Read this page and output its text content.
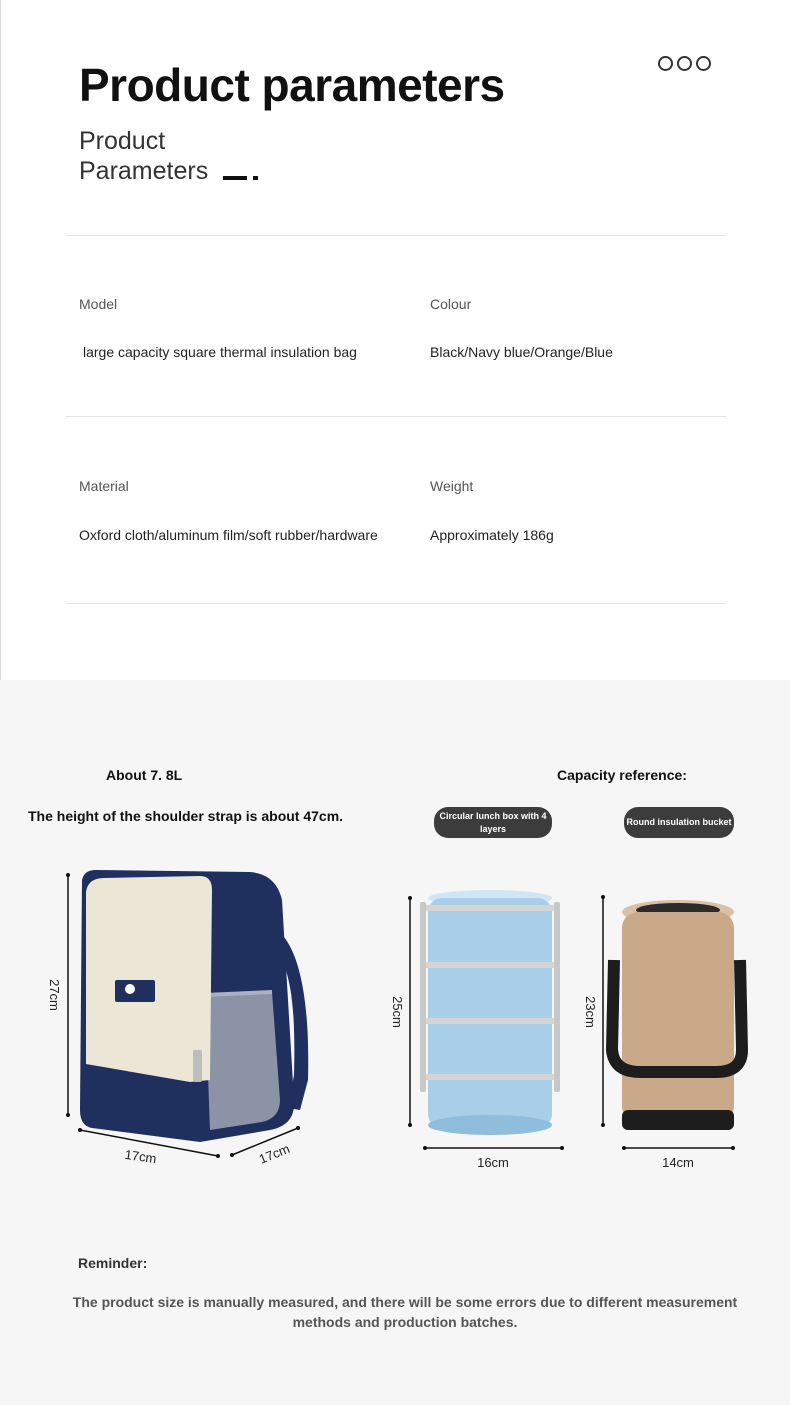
Product parameters
Product Parameters
Model	Colour
large capacity square thermal insulation bag	Black/Navy blue/Orange/Blue
Material	Weight
Oxford cloth/aluminum film/soft rubber/hardware	Approximately 186g
About 7. 8L	Capacity reference:
The height of the shoulder strap is about 47cm.	Circular lunch box with 4 layers
Round insulation bucket
27cm
17cm	17cm
25cm
16cm
23cm
14cm
Reminder:
The product size is manually measured, and there will be some errors due to different measurement methods and production batches.
